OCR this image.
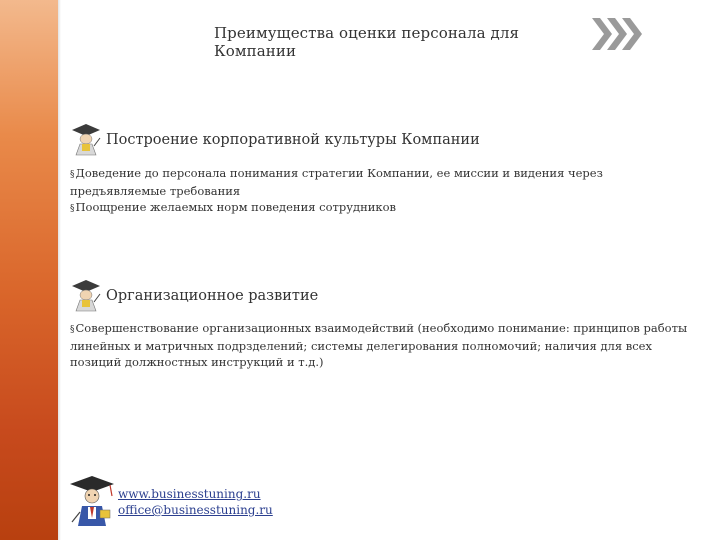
Преимущества оценки персонала для Компании
Построение корпоративной культуры Компании

§ Доведение до персонала понимания стратегии Компании, ее миссии и видения через предъявляемые требования

§ Поощрение желаемых норм поведения сотрудников

Организационное развитие

§ Совершенствование организационных взаимодействий (необходимо понимание: принципов работы линейных и матричных подрзделений; системы делегирования полномочий; наличия для всех позиций должностных инструкций и т.д.)

www.businesstuning.ru
office@businesstuning.ru
